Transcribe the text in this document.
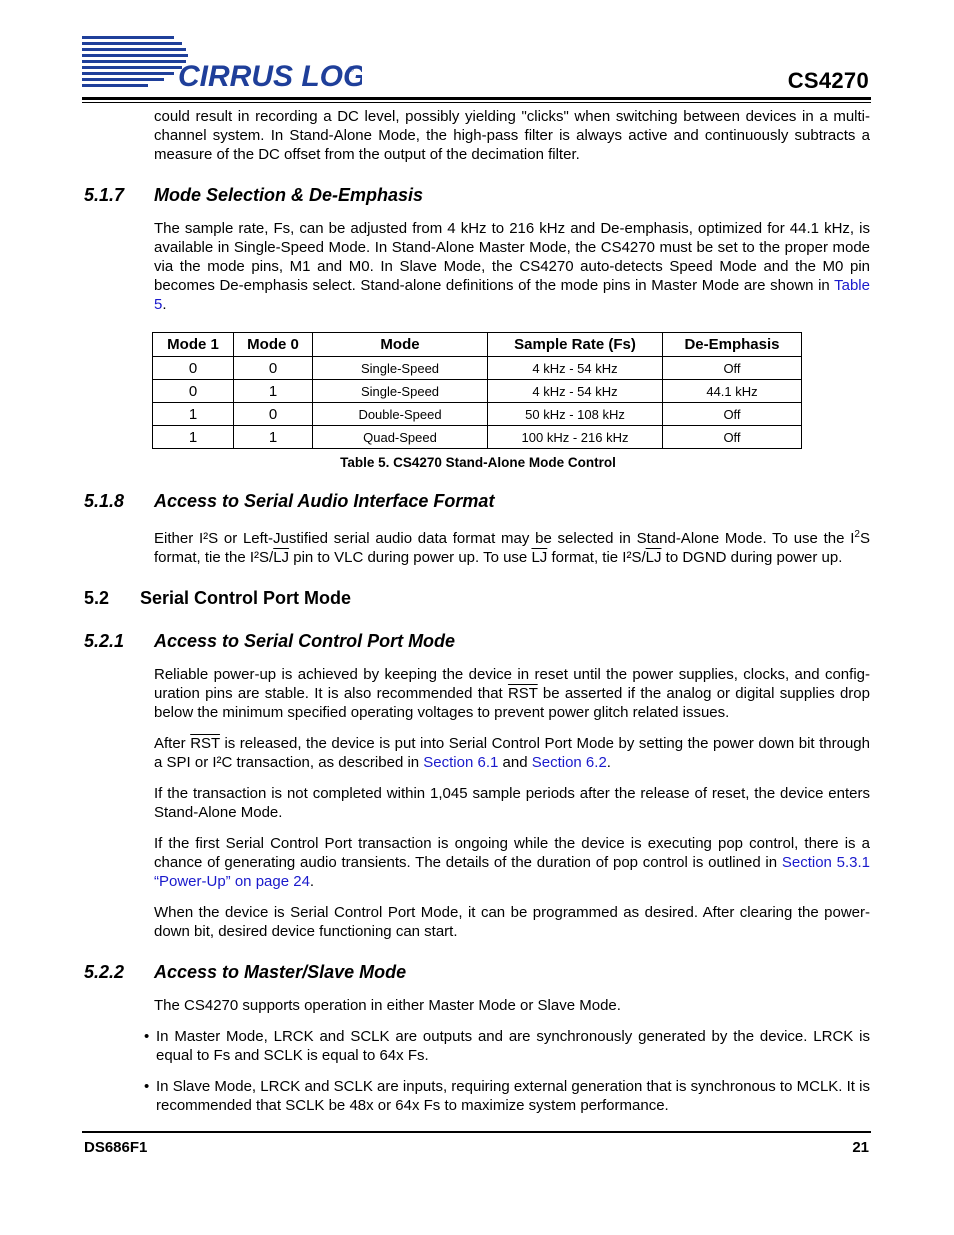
CIRRUS LO ®	CS4270

could result in recording a DC level, possibly yielding "clicks" when switching between devices in a multi-channel system. In Stand-Alone Mode, the high-pass filter is always active and continuously subtracts a measure of the DC offset from the output of the decimation filter.

5.1.7	Mode Selection & De-Emphasis

The sample rate, Fs, can be adjusted from 4 kHz to 216 kHz and De-emphasis, optimized for 44.1 kHz, is available in Single-Speed Mode. In Stand-Alone Master Mode, the CS4270 must be set to the proper mode via the mode pins, M1 and M0. In Slave Mode, the CS4270 auto-detects Speed Mode and the M0 pin becomes De-emphasis select. Stand-alone definitions of the mode pins in Master Mode are shown in Table 5.

Mode 1	Mode 0	Mode	Sample Rate (Fs)	De-Emphasis
0	0	Single-Speed	4 kHz - 54 kHz	Off
0	1	Single-Speed	4 kHz - 54 kHz	44.1 kHz
1	0	Double-Speed	50 kHz - 108 kHz	Off
1	1	Quad-Speed	100 kHz - 216 kHz	Off
Table 5. CS4270 Stand-Alone Mode Control
5.1.8	Access to Serial Audio Interface Format

Either I²S or Left-Justified serial audio data format may be selected in Stand-Alone Mode. To use the $I^2S$ format, tie the I²S/$\overline{LJ}$ pin to VLC during power up. To use $\overline{LJ}$ format, tie I²S/$\overline{LJ}$ to DGND during power up.

5.2	Serial Control Port Mode
5.2.1	Access to Serial Control Port Mode

Reliable power-up is achieved by keeping the device in reset until the power supplies, clocks, and config-uration pins are stable. It is also recommended that $\overline{RST}$ be asserted if the analog or digital supplies drop below the minimum specified operating voltages to prevent power glitch related issues.

After $\overline{RST}$ is released, the device is put into Serial Control Port Mode by setting the power down bit through a SPI or I²C transaction, as described in Section 6.1 and Section 6.2.

If the transaction is not completed within 1,045 sample periods after the release of reset, the device enters Stand-Alone Mode.

If the first Serial Control Port transaction is ongoing while the device is executing pop control, there is a chance of generating audio transients. The details of the duration of pop control is outlined in Section 5.3.1 “Power-Up” on page 24.

When the device is Serial Control Port Mode, it can be programmed as desired. After clearing the power-down bit, desired device functioning can start.

5.2.2	Access to Master/Slave Mode

The CS4270 supports operation in either Master Mode or Slave Mode.

• In Master Mode, LRCK and SCLK are outputs and are synchronously generated by the device. LRCK is equal to Fs and SCLK is equal to 64x Fs.

• In Slave Mode, LRCK and SCLK are inputs, requiring external generation that is synchronous to MCLK. It is recommended that SCLK be 48x or 64x Fs to maximize system performance.

DS686F1	21
